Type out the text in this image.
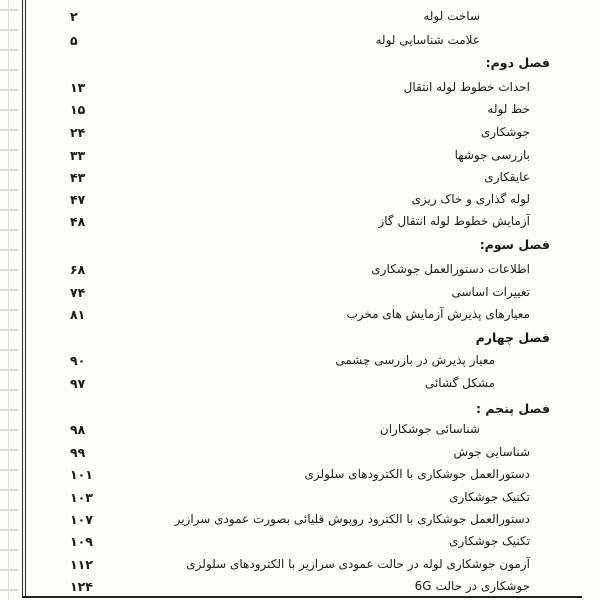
ساخت لوله
۲
علامت شناسایی لوله
۵
فصل دوم:
احداث خطوط لوله انتقال
۱۳
خط لوله
۱۵
جوشکاری
۲۴
بازرسی جوشها
۳۳
عایقکاری
۴۳
لوله گذاری و خاک ریزی
۴۷
آزمایش خطوط لوله انتقال گاز
۴۸
فصل سوم:
اطلاعات دستورالعمل جوشکاری
۶۸
تغییرات اساسی
۷۴
معیارهای پذیرش آزمایش های مخرب
۸۱
فصل چهارم
معیار پذیرش در بازرسی چشمی
۹۰
مشکل گشائی
۹۷
فصل پنجم :
شناسائی جوشکاران
۹۸
شناسایی جوش
۹۹
دستورالعمل جوشکاری با الکترودهای سلولزی
۱۰۱
تکنیک جوشکاری
۱۰۳
دستورالعمل جوشکاری با الکترود روپوش قلیائی بصورت عمودی سرازیر
۱۰۷
تکنیک جوشکاری
۱۰۹
آزمون جوشکاری لوله در حالت عمودی سرازیر با الکترودهای سلولزی
۱۱۲
جوشکاری در حالت 6G
۱۲۴
